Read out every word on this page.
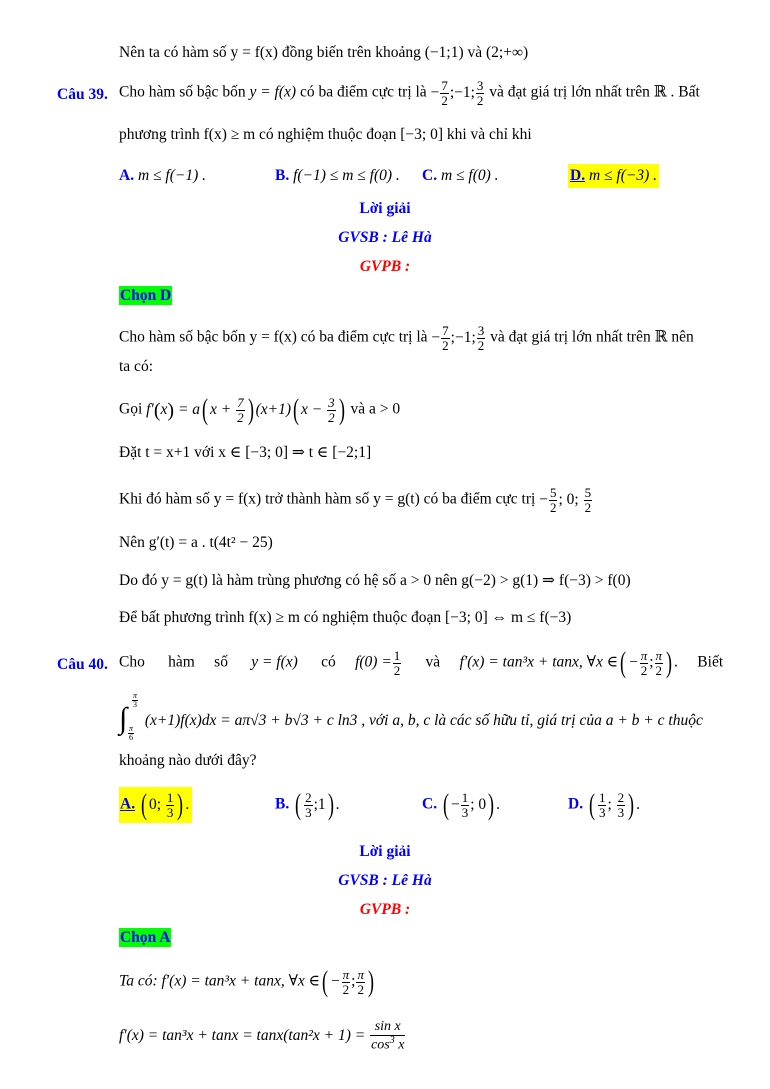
Nên ta có hàm số y = f(x) đồng biến trên khoảng (−1;1) và (2;+∞)
Câu 39. Cho hàm số bậc bốn y = f(x) có ba điểm cực trị là − $\frac{7}{2}$ ;−1; $\frac{3}{2}$ và đạt giá trị lớn nhất trên ℝ . Bất
phương trình f(x) ≥ m có nghiệm thuộc đoạn [−3; 0] khi và chỉ khi
A. m ≤ f(−1) .	B. f(−1) ≤ m ≤ f(0) . C. m ≤ f(0) .	D. m ≤ f(−3) .
Lời giải
GVSB : Lê Hà
GVPB :
Chọn D
Cho hàm số bậc bốn y = f(x) có ba điểm cực trị là − $\frac{7}{2}$ ;−1; $\frac{3}{2}$ và đạt giá trị lớn nhất trên ℝ nên
ta có:
Gọi f′(x) = a( $x + \frac{7}{2}$ ) (x+1)( $x - \frac{3}{2}$ ) và a > 0
Đặt t = x+1 với x ∈ [−3; 0] ⇒ t ∈ [−2;1]
Khi đó hàm số y = f(x) trở thành hàm số y = g(t) có ba điểm cực trị − $\frac{5}{2}$ ; 0; $\frac{5}{2}$
Nên g′(t) = a . t(4t² − 25)
Do đó y = g(t) là hàm trùng phương có hệ số a > 0 nên g(−2) > g(1) ⇒ f(−3) > f(0)
Để bất phương trình f(x) ≥ m có nghiệm thuộc đoạn [−3; 0] ⇔ m ≤ f(−3)
Câu 40. Cho hàm số y = f(x) có $f(0) = \frac{1}{2}$ và f′(x) = tan³x + tanx, ∀x ∈( − $\frac{\pi}{2}$ ; $\frac{\pi}{2}$ ) .     Biết
∫
$\frac{\pi}{3}$
$\frac{\pi}{6}$
(x+1)f(x)dx = aπ√3 + b√3 + c ln3 , với a, b, c là các số hữu tỉ, giá trị của a + b + c thuộc
khoảng nào dưới đây?
A. ( 0; $\frac{1}{3}$ ) .	B. ( $\frac{2}{3}$ ;1) .	C. ( − $\frac{1}{3}$ ; 0) .	D. ( $\frac{1}{3}$ ; $\frac{2}{3}$ ) .
Lời giải
GVSB : Lê Hà
GVPB :
Chọn A
Ta có: f′(x) = tan³x + tanx, ∀x ∈( − $\frac{\pi}{2}$ ; $\frac{\pi}{2}$ )
$f'(x) = \tan^3x + \tan x = \tan x(\tan^2x + 1) = \frac{\text{sin x}}{\cos^3 x}$
